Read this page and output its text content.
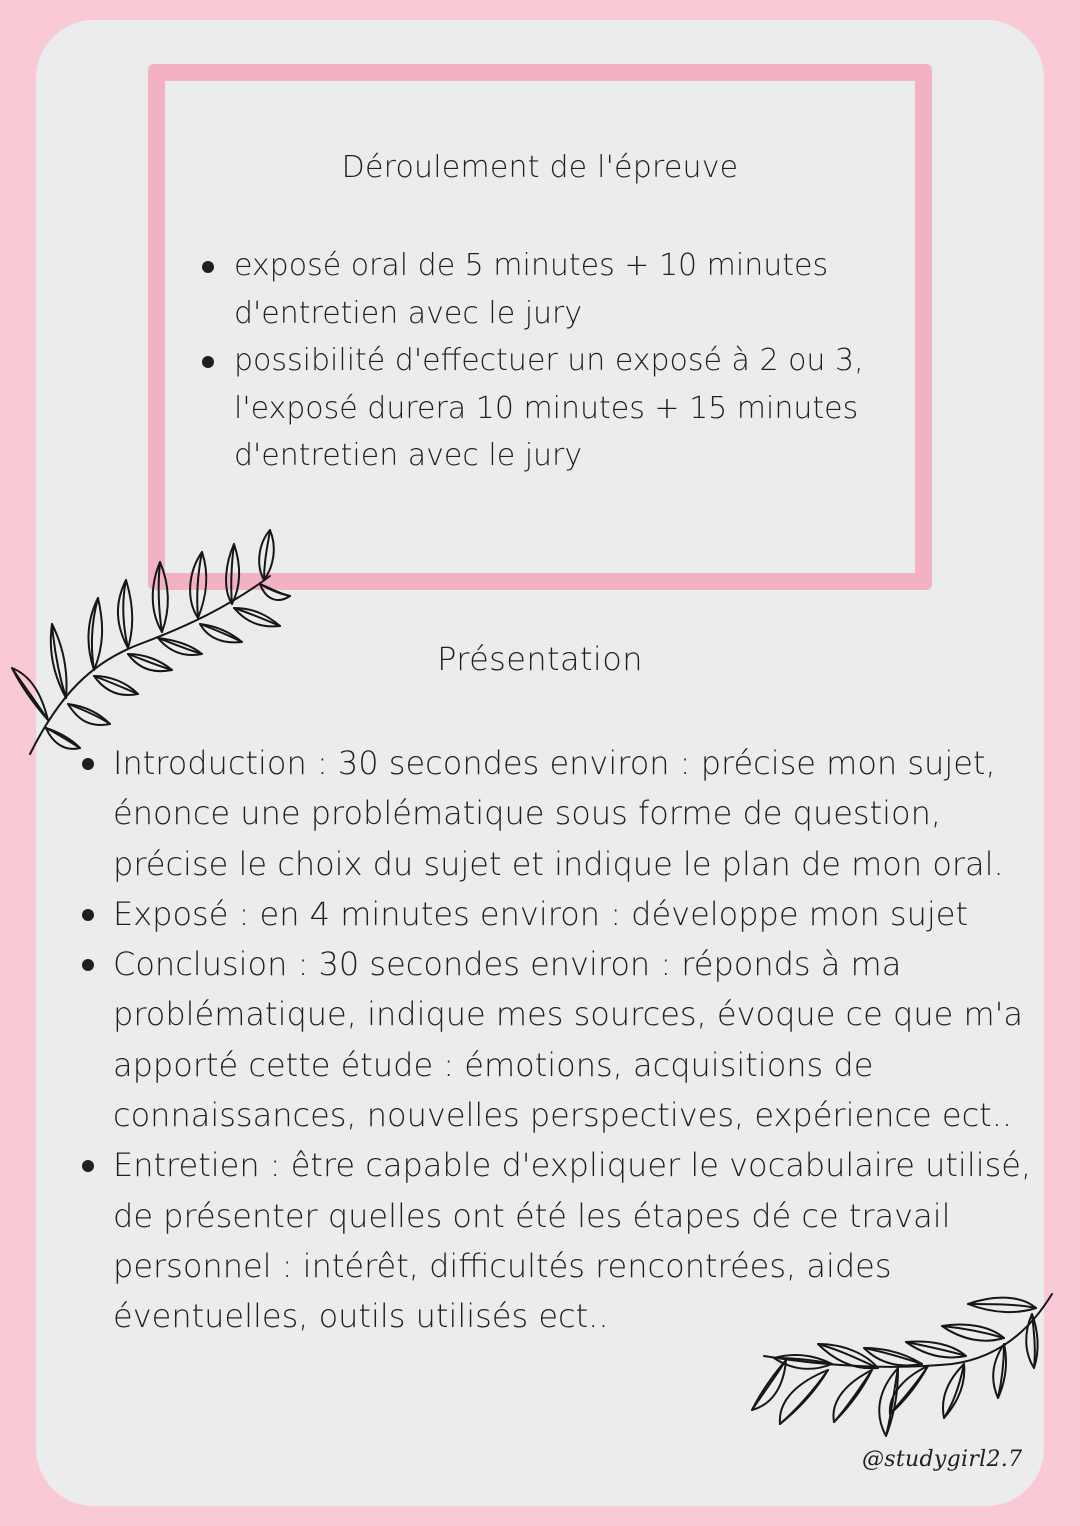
Déroulement de l'épreuve
exposé oral de 5 minutes + 10 minutes d'entretien avec le jury
possibilité d'effectuer un exposé à 2 ou 3, l'exposé durera 10 minutes + 15 minutes d'entretien avec le jury
Présentation
Introduction : 30 secondes environ : précise mon sujet, énonce une problématique sous forme de question, précise le choix du sujet et indique le plan de mon oral.
Exposé : en 4 minutes environ : développe mon sujet
Conclusion : 30 secondes environ : réponds à ma problématique, indique mes sources, évoque ce que m'a apporté cette étude : émotions, acquisitions de connaissances, nouvelles perspectives, expérience ect..
Entretien : être capable d'expliquer le vocabulaire utilisé, de présenter quelles ont été les étapes dé ce travail personnel : intérêt, difficultés rencontrées, aides éventuelles, outils utilisés ect..
@studygirl2.7
